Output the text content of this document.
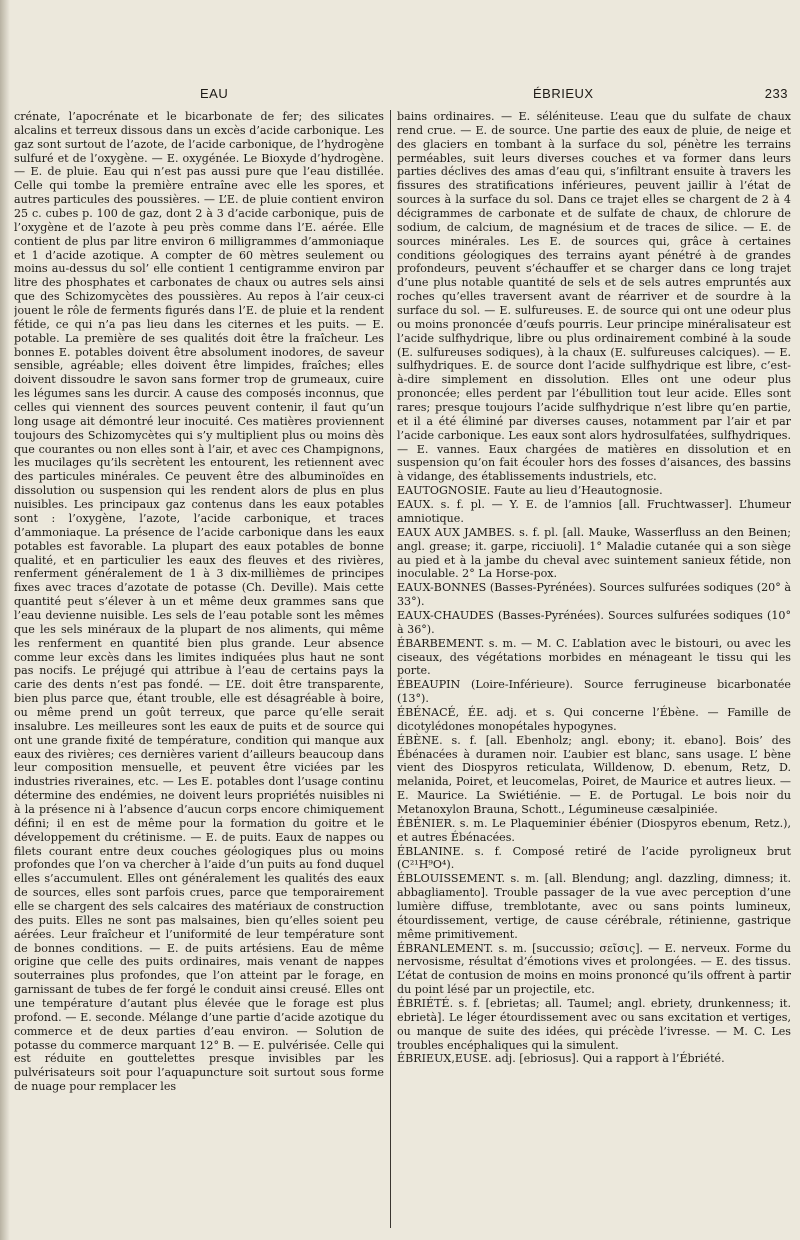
EAU	ÉBRIEUX	233

crénate, l’apocrénate et le bicarbonate de fer; des silicates alcalins et terreux dissous dans un excès d’acide carbonique. Les gaz sont surtout de l’azote, de l’acide carbonique, de l’hydrogène sulfuré et de l’oxygène. — E. oxygénée. Le Bioxyde d’hydrogène. — E. de pluie. Eau qui n’est pas aussi pure que l’eau distillée. Celle qui tombe la première entraîne avec elle les spores, et autres particules des poussières. — L’E. de pluie contient environ 25 c. cubes p. 100 de gaz, dont 2 à 3 d’acide carbonique, puis de l’oxygène et de l’azote à peu près comme dans l’E. aérée. Elle contient de plus par litre environ 6 milligrammes d’ammoniaque et 1 d’acide azotique. A compter de 60 mètres seulement ou moins au-dessus du sol’ elle contient 1 centigramme environ par litre des phosphates et carbonates de chaux ou autres sels ainsi que des Schizomycètes des poussières. Au repos à l’air ceux-ci jouent le rôle de ferments figurés dans l’E. de pluie et la rendent fétide, ce qui n’a pas lieu dans les citernes et les puits. — E. potable. La première de ses qualités doit être la fraîcheur. Les bonnes E. potables doivent être absolument inodores, de saveur sensible, agréable; elles doivent être limpides, fraîches; elles doivent dissoudre le savon sans former trop de grumeaux, cuire les légumes sans les durcir. A cause des composés inconnus, que celles qui viennent des sources peuvent contenir, il faut qu’un long usage ait démontré leur inocuité. Ces matières proviennent toujours des Schizomycètes qui s’y multiplient plus ou moins dès que courantes ou non elles sont à l’air, et avec ces Champignons, les mucilages qu’ils secrètent les entourent, les retiennent avec des particules minérales. Ce peuvent être des albuminoïdes en dissolution ou suspension qui les rendent alors de plus en plus nuisibles. Les principaux gaz contenus dans les eaux potables sont : l’oxygène, l’azote, l’acide carbonique, et traces d’ammoniaque. La présence de l’acide carbonique dans les eaux potables est favorable. La plupart des eaux potables de bonne qualité, et en particulier les eaux des fleuves et des rivières, renferment généralement de 1 à 3 dix-millièmes de principes fixes avec traces d’azotate de potasse (Ch. Deville). Mais cette quantité peut s’élever à un et même deux grammes sans que l’eau devienne nuisible. Les sels de l’eau potable sont les mêmes que les sels minéraux de la plupart de nos aliments, qui même les renferment en quantité bien plus grande. Leur absence comme leur excès dans les limites indiquées plus haut ne sont pas nocifs. Le préjugé qui attribue à l’eau de certains pays la carie des dents n’est pas fondé. — L’E. doit être transparente, bien plus parce que, étant trouble, elle est désagréable à boire, ou même prend un goût terreux, que parce qu’elle serait insalubre. Les meilleures sont les eaux de puits et de source qui ont une grande fixité de température, condition qui manque aux eaux des rivières; ces dernières varient d’ailleurs beaucoup dans leur composition mensuelle, et peuvent être viciées par les industries riveraines, etc. — Les E. potables dont l’usage continu détermine des endémies, ne doivent leurs propriétés nuisibles ni à la présence ni à l’absence d’aucun corps encore chimiquement défini; il en est de même pour la formation du goitre et le développement du crétinisme. — E. de puits. Eaux de nappes ou filets courant entre deux couches géologiques plus ou moins profondes que l’on va chercher à l’aide d’un puits au fond duquel elles s’accumulent. Elles ont généralement les qualités des eaux de sources, elles sont parfois crues, parce que temporairement elle se chargent des sels calcaires des matériaux de construction des puits. Elles ne sont pas malsaines, bien qu’elles soient peu aérées. Leur fraîcheur et l’uniformité de leur température sont de bonnes conditions. — E. de puits artésiens. Eau de même origine que celle des puits ordinaires, mais venant de nappes souterraines plus profondes, que l’on atteint par le forage, en garnissant de tubes de fer forgé le conduit ainsi creusé. Elles ont une température d’autant plus élevée que le forage est plus profond. — E. seconde. Mélange d’une partie d’acide azotique du commerce et de deux parties d’eau environ. — Solution de potasse du commerce marquant 12° B. — E. pulvérisée. Celle qui est réduite en gouttelettes presque invisibles par les pulvérisateurs soit pour l’aquapuncture soit surtout sous forme de nuage pour remplacer les

bains ordinaires. — E. séléniteuse. L’eau que du sulfate de chaux rend crue. — E. de source. Une partie des eaux de pluie, de neige et des glaciers en tombant à la surface du sol, pénètre les terrains perméables, suit leurs diverses couches et va former dans leurs parties déclives des amas d’eau qui, s’infiltrant ensuite à travers les fissures des stratifications inférieures, peuvent jaillir à l’état de sources à la surface du sol. Dans ce trajet elles se chargent de 2 à 4 décigrammes de carbonate et de sulfate de chaux, de chlorure de sodium, de calcium, de magnésium et de traces de silice. — E. de sources minérales. Les E. de sources qui, grâce à certaines conditions géologiques des terrains ayant pénétré à de grandes profondeurs, peuvent s’échauffer et se charger dans ce long trajet d’une plus notable quantité de sels et de sels autres empruntés aux roches qu’elles traversent avant de réarriver et de sourdre à la surface du sol. — E. sulfureuses. E. de source qui ont une odeur plus ou moins prononcée d’œufs pourris. Leur principe minéralisateur est l’acide sulfhydrique, libre ou plus ordinairement combiné à la soude (E. sulfureuses sodiques), à la chaux (E. sulfureuses calciques). — E. sulfhydriques. E. de source dont l’acide sulfhydrique est libre, c’est-à-dire simplement en dissolution. Elles ont une odeur plus prononcée; elles perdent par l’ébullition tout leur acide. Elles sont rares; presque toujours l’acide sulfhydrique n’est libre qu’en partie, et il a été éliminé par diverses causes, notamment par l’air et par l’acide carbonique. Les eaux sont alors hydrosulfatées, sulfhydriques. — E. vannes. Eaux chargées de matières en dissolution et en suspension qu’on fait écouler hors des fosses d’aisances, des bassins à vidange, des établissements industriels, etc.

EAUTOGNOSIE. Faute au lieu d’Heautognosie.

EAUX. s. f. pl. — Y. E. de l’amnios [all. Fruchtwasser]. L’humeur amniotique.

EAUX AUX JAMBES. s. f. pl. [all. Mauke, Wasserfluss an den Beinen; angl. grease; it. garpe, ricciuoli]. 1° Maladie cutanée qui a son siège au pied et à la jambe du cheval avec suintement sanieux fétide, non inoculable. 2° La Horse-pox.

EAUX-BONNES (Basses-Pyrénées). Sources sulfurées sodiques (20° à 33°).

EAUX-CHAUDES (Basses-Pyrénées). Sources sulfurées sodiques (10° à 36°).

ÉBARBEMENT. s. m. — M. C. L’ablation avec le bistouri, ou avec les ciseaux, des végétations morbides en ménageant le tissu qui les porte.

ÉBEAUPIN (Loire-Inférieure). Source ferrugineuse bicarbonatée (13°).

ÉBÉNACÉ, ÉE. adj. et s. Qui concerne l’Ébène. — Famille de dicotylédones monopétales hypogynes.

ÉBÈNE. s. f. [all. Ebenholz; angl. ebony; it. ebano]. Bois’ des Ébénacées à duramen noir. L’aubier est blanc, sans usage. L’ bène vient des Diospyros reticulata, Willdenow, D. ebenum, Retz, D. melanida, Poiret, et leucomelas, Poiret, de Maurice et autres lieux. — E. Maurice. La Swiétiénie. — E. de Portugal. Le bois noir du Metanoxylon Brauna, Schott., Légumineuse cæsalpiniée.

ÉBÉNIER. s. m. Le Plaqueminier ébénier (Diospyros ebenum, Retz.), et autres Ébénacées.

ÉBLANINE. s. f. Composé retiré de l’acide pyroligneux brut (C²¹H⁹O⁴).

ÉBLOUISSEMENT. s. m. [all. Blendung; angl. dazzling, dimness; it. abbagliamento]. Trouble passager de la vue avec perception d’une lumière diffuse, tremblotante, avec ou sans points lumineux, étourdissement, vertige, de cause cérébrale, rétinienne, gastrique même primitivement.

ÉBRANLEMENT. s. m. [succussio; σεῖσις]. — E. nerveux. Forme du nervosisme, résultat d’émotions vives et prolongées. — E. des tissus. L’état de contusion de moins en moins prononcé qu’ils offrent à partir du point lésé par un projectile, etc.

ÉBRIÉTÉ. s. f. [ebrietas; all. Taumel; angl. ebriety, drunkenness; it. ebrietà]. Le léger étourdissement avec ou sans excitation et vertiges, ou manque de suite des idées, qui précède l’ivresse. — M. C. Les troubles encéphaliques qui la simulent.

ÉBRIEUX,EUSE. adj. [ebriosus]. Qui a rapport à l’Ébriété.
